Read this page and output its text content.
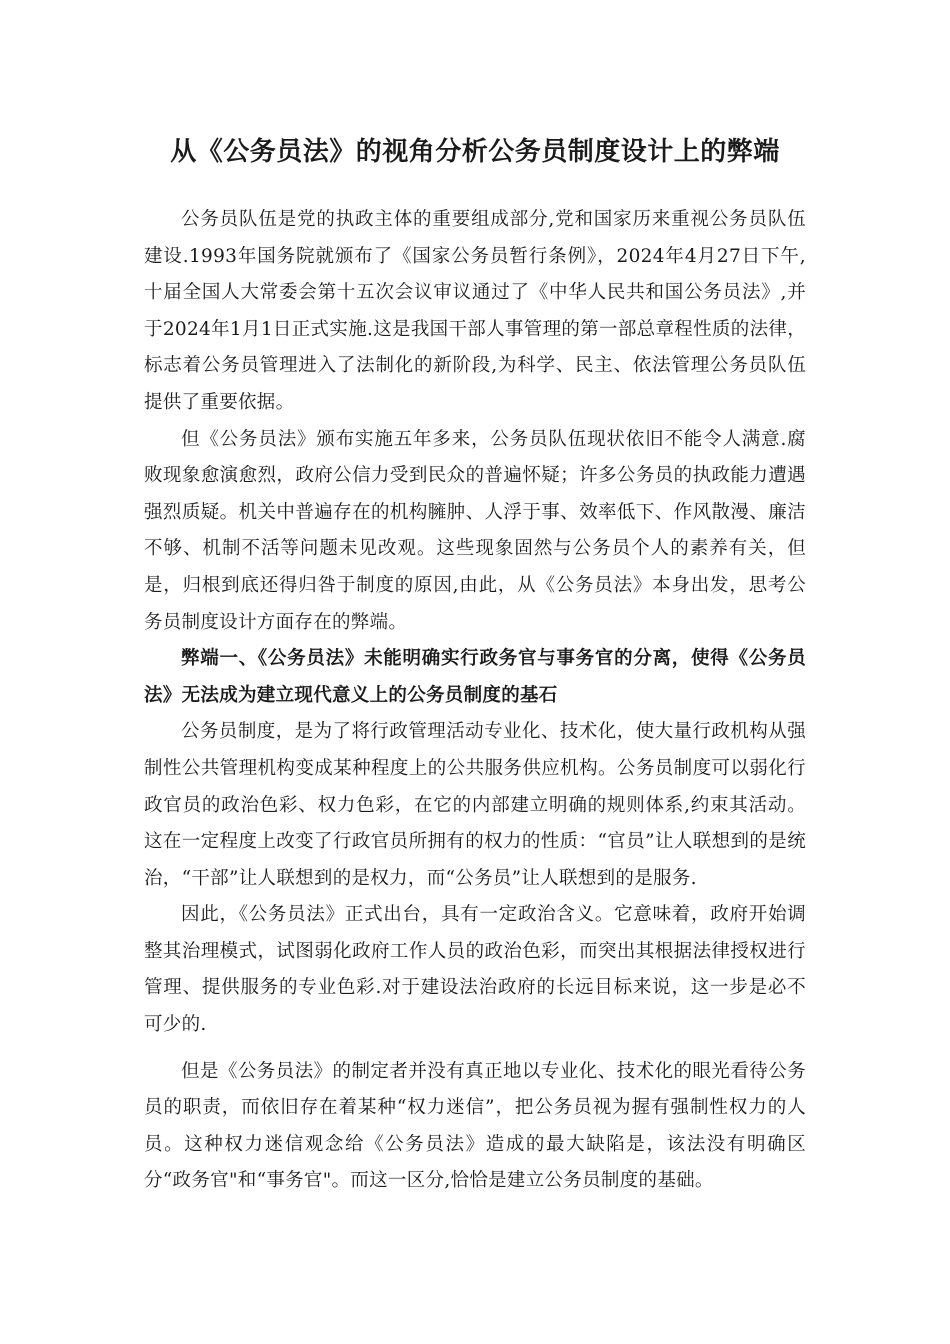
从《公务员法》的视角分析公务员制度设计上的弊端

公务员队伍是党的执政主体的重要组成部分,党和国家历来重视公务员队伍建设.1993年国务院就颁布了《国家公务员暂行条例》，2024年4月27日下午,十届全国人大常委会第十五次会议审议通过了《中华人民共和国公务员法》,并于2024年1月1日正式实施.这是我国干部人事管理的第一部总章程性质的法律，标志着公务员管理进入了法制化的新阶段,为科学、民主、依法管理公务员队伍提供了重要依据。

但《公务员法》颁布实施五年多来，公务员队伍现状依旧不能令人满意.腐败现象愈演愈烈，政府公信力受到民众的普遍怀疑；许多公务员的执政能力遭遇强烈质疑。机关中普遍存在的机构臃肿、人浮于事、效率低下、作风散漫、廉洁不够、机制不活等问题未见改观。这些现象固然与公务员个人的素养有关，但是，归根到底还得归咎于制度的原因,由此，从《公务员法》本身出发，思考公务员制度设计方面存在的弊端。

弊端一、《公务员法》未能明确实行政务官与事务官的分离，使得《公务员法》无法成为建立现代意义上的公务员制度的基石

公务员制度，是为了将行政管理活动专业化、技术化，使大量行政机构从强制性公共管理机构变成某种程度上的公共服务供应机构。公务员制度可以弱化行政官员的政治色彩、权力色彩，在它的内部建立明确的规则体系,约束其活动。这在一定程度上改变了行政官员所拥有的权力的性质：“官员”让人联想到的是统治，“干部”让人联想到的是权力，而“公务员”让人联想到的是服务.

因此，《公务员法》正式出台，具有一定政治含义。它意味着，政府开始调整其治理模式，试图弱化政府工作人员的政治色彩，而突出其根据法律授权进行管理、提供服务的专业色彩.对于建设法治政府的长远目标来说，这一步是必不可少的.

但是《公务员法》的制定者并没有真正地以专业化、技术化的眼光看待公务员的职责，而依旧存在着某种“权力迷信”，把公务员视为握有强制性权力的人员。这种权力迷信观念给《公务员法》造成的最大缺陷是，该法没有明确区分“政务官"和“事务官"。而这一区分,恰恰是建立公务员制度的基础。
